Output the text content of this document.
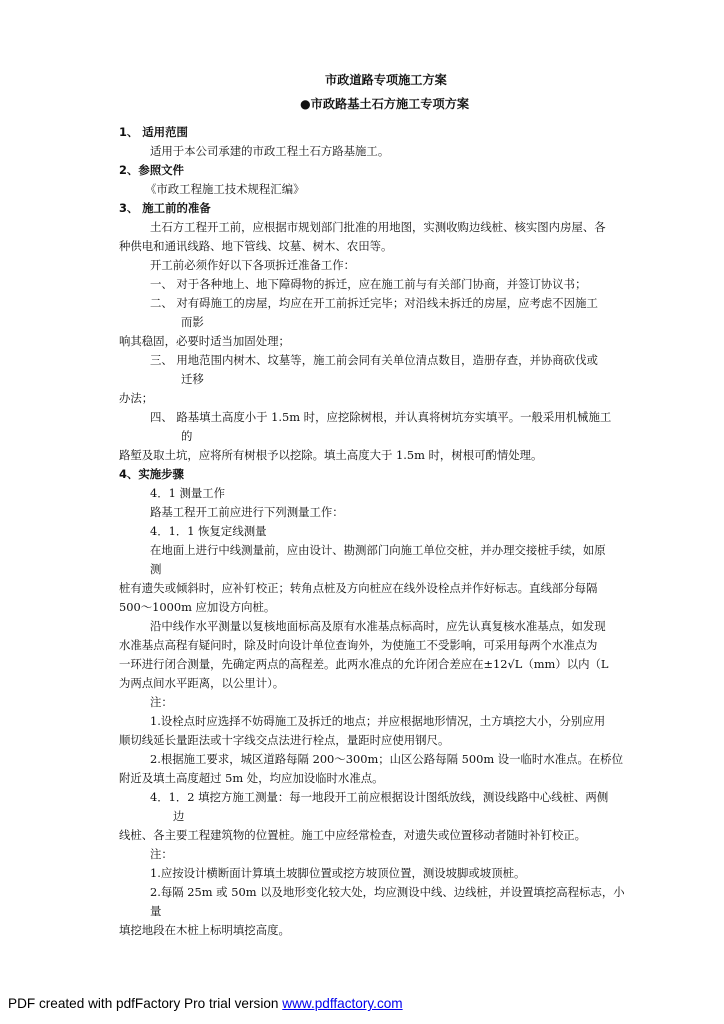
市政道路专项施工方案
●市政路基土石方施工专项方案
1、 适用范围
适用于本公司承建的市政工程土石方路基施工。
2、参照文件
《市政工程施工技术规程汇编》
3、 施工前的准备
土石方工程开工前，应根据市规划部门批准的用地图，实测收购边线桩、核实图内房屋、各
种供电和通讯线路、地下管线、坟墓、树木、农田等。
开工前必须作好以下各项拆迁准备工作：
一、 对于各种地上、地下障碍物的拆迁，应在施工前与有关部门协商，并签订协议书；
二、 对有碍施工的房屋，均应在开工前拆迁完毕；对沿线未拆迁的房屋，应考虑不因施工
而影
响其稳固，必要时适当加固处理；
三、 用地范围内树木、坟墓等，施工前会同有关单位清点数目，造册存查，并协商砍伐或
迁移
办法；
四、 路基填土高度小于 1.5m 时，应挖除树根，并认真将树坑夯实填平。一般采用机械施工
的
路堑及取土坑，应将所有树根予以挖除。填土高度大于 1.5m 时，树根可酌情处理。
4、实施步骤
4．1 测量工作
路基工程开工前应进行下列测量工作：
4．1．1 恢复定线测量
在地面上进行中线测量前，应由设计、勘测部门向施工单位交桩，并办理交接桩手续，如原
测
桩有遗失或倾斜时，应补钉校正；转角点桩及方向桩应在线外设栓点并作好标志。直线部分每隔
500～1000m 应加设方向桩。
沿中线作水平测量以复核地面标高及原有水准基点标高时，应先认真复核水准基点，如发现
水准基点高程有疑问时，除及时向设计单位查询外，为使施工不受影响，可采用每两个水准点为
一环进行闭合测量，先确定两点的高程差。此两水准点的允许闭合差应在±12√L（mm）以内（L
为两点间水平距离，以公里计）。
注：
1.设栓点时应选择不妨碍施工及拆迁的地点；并应根据地形情况，土方填挖大小，分别应用
顺切线延长量距法或十字线交点法进行栓点，量距时应使用钢尺。
2.根据施工要求，城区道路每隔 200～300m；山区公路每隔 500m 设一临时水准点。在桥位
附近及填土高度超过 5m 处，均应加设临时水准点。
4．1．2 填挖方施工测量：每一地段开工前应根据设计图纸放线，测设线路中心线桩、两侧
边
线桩、各主要工程建筑物的位置桩。施工中应经常检查，对遗失或位置移动者随时补钉校正。
注：
1.应按设计横断面计算填土坡脚位置或挖方坡顶位置，测设坡脚或坡顶桩。
2.每隔 25m 或 50m 以及地形变化较大处，均应测设中线、边线桩，并设置填挖高程标志，小
量
填挖地段在木桩上标明填挖高度。
PDF created with pdfFactory Pro trial version www.pdffactory.com
